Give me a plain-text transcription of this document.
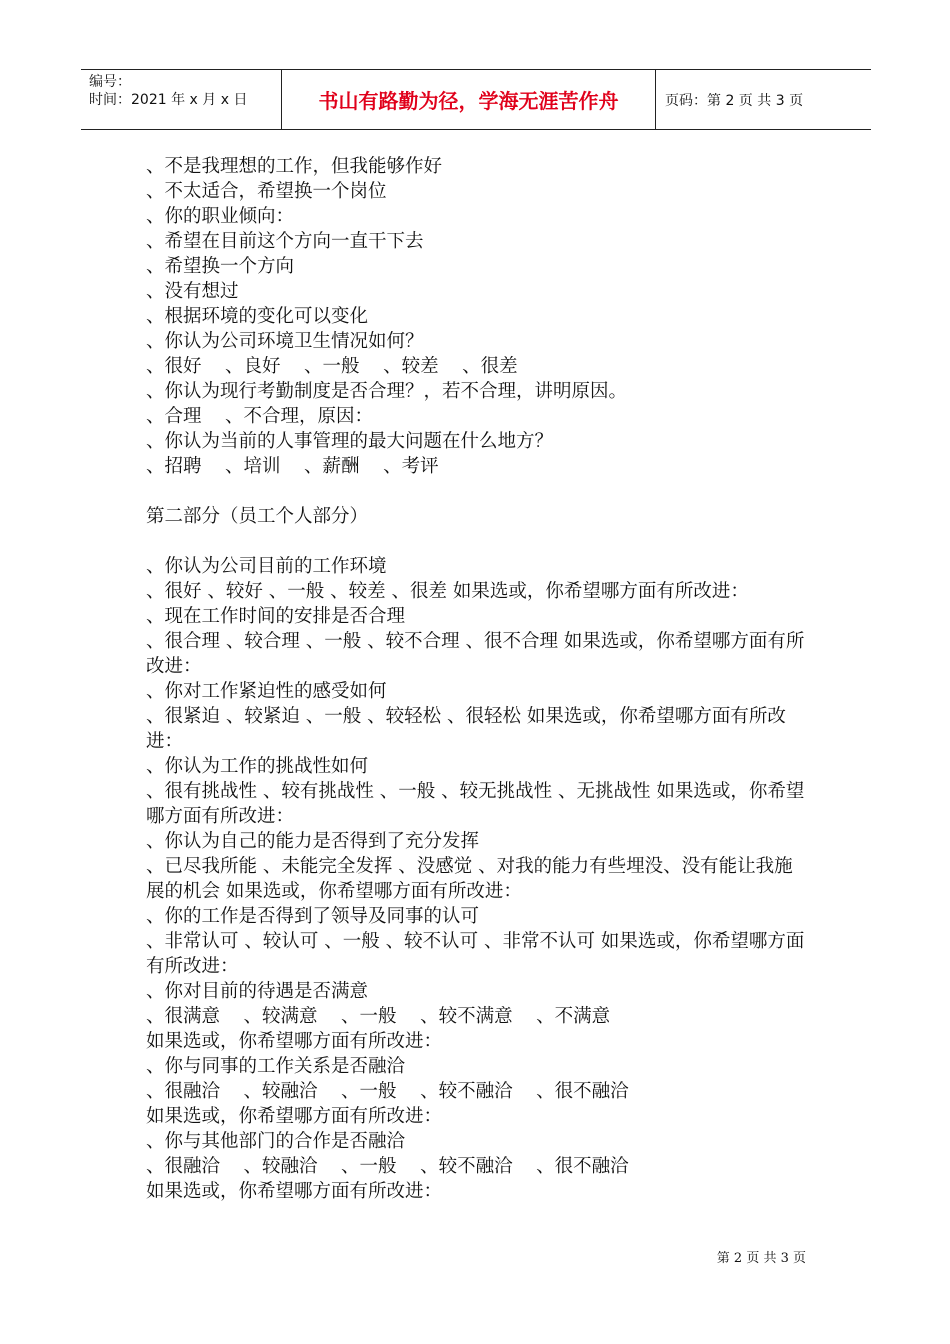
编号：
时间：2021 年 x 月 x 日	书山有路勤为径，学海无涯苦作舟	页码：第 2 页 共 3 页
、不是我理想的工作，但我能够作好
、不太适合，希望换一个岗位
、你的职业倾向：
、希望在目前这个方向一直干下去
、希望换一个方向
、没有想过
、根据环境的变化可以变化
、你认为公司环境卫生情况如何？
、很好    、良好    、一般    、较差    、很差
、你认为现行考勤制度是否合理？，若不合理，讲明原因。
、合理    、不合理，原因：
、你认为当前的人事管理的最大问题在什么地方？
、招聘    、培训    、薪酬    、考评
第二部分（员工个人部分）
、你认为公司目前的工作环境
、很好 、较好 、一般 、较差 、很差 如果选或，你希望哪方面有所改进：
、现在工作时间的安排是否合理
、很合理 、较合理 、一般 、较不合理 、很不合理 如果选或，你希望哪方面有所改进：
、你对工作紧迫性的感受如何
、很紧迫 、较紧迫 、一般 、较轻松 、很轻松 如果选或，你希望哪方面有所改进：
、你认为工作的挑战性如何
、很有挑战性 、较有挑战性 、一般 、较无挑战性 、无挑战性 如果选或，你希望哪方面有所改进：
、你认为自己的能力是否得到了充分发挥
、已尽我所能 、未能完全发挥 、没感觉 、对我的能力有些埋没、没有能让我施展的机会 如果选或，你希望哪方面有所改进：
、你的工作是否得到了领导及同事的认可
、非常认可 、较认可 、一般 、较不认可 、非常不认可 如果选或，你希望哪方面有所改进：
、你对目前的待遇是否满意
、很满意    、较满意    、一般    、较不满意    、不满意
如果选或，你希望哪方面有所改进：
、你与同事的工作关系是否融洽
、很融洽    、较融洽    、一般    、较不融洽    、很不融洽
如果选或，你希望哪方面有所改进：
、你与其他部门的合作是否融洽
、很融洽    、较融洽    、一般    、较不融洽    、很不融洽
如果选或，你希望哪方面有所改进：
第 2 页 共 3 页
